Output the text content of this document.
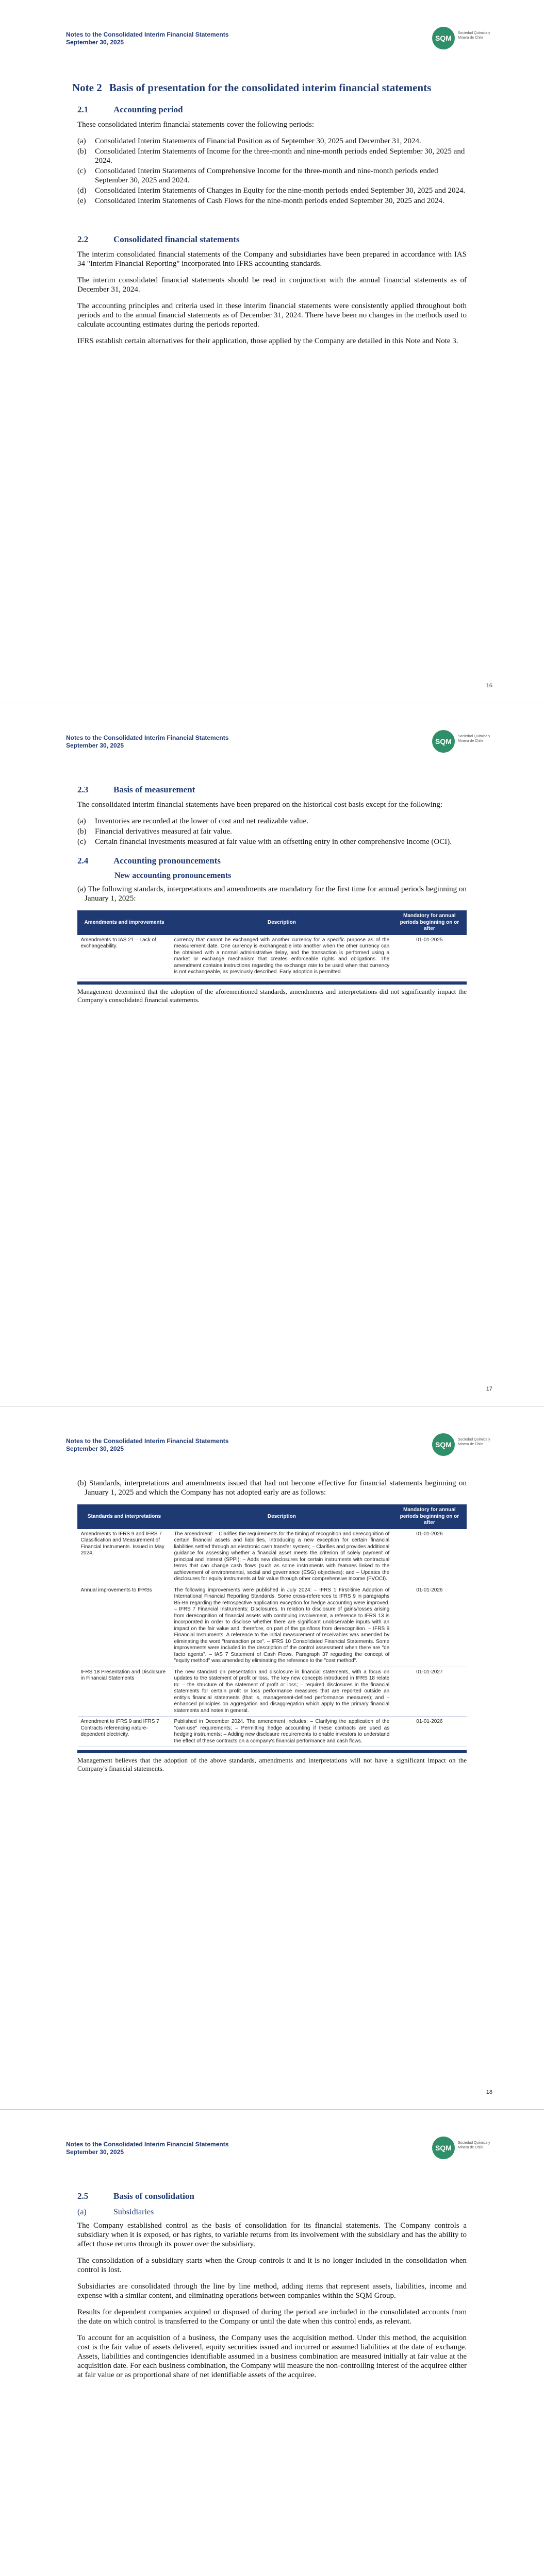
Notes to the Consolidated Interim Financial Statements
September 30, 2025	SQM
Sociedad Química y Minera de Chile
Note 2 Basis of presentation for the consolidated interim financial statements
2.1	Accounting period

These consolidated interim financial statements cover the following periods:

(a) Consolidated Interim Statements of Financial Position as of September 30, 2025 and December 31, 2024.
(b) Consolidated Interim Statements of Income for the three-month and nine-month periods ended September 30, 2025 and 2024.
(c) Consolidated Interim Statements of Comprehensive Income for the three-month and nine-month periods ended September 30, 2025 and 2024.
(d) Consolidated Interim Statements of Changes in Equity for the nine-month periods ended September 30, 2025 and 2024.
(e) Consolidated Interim Statements of Cash Flows for the nine-month periods ended September 30, 2025 and 2024.
2.2	Consolidated financial statements

The interim consolidated financial statements of the Company and subsidiaries have been prepared in accordance with IAS 34 "Interim Financial Reporting" incorporated into IFRS accounting standards.

The interim consolidated financial statements should be read in conjunction with the annual financial statements as of December 31, 2024.

The accounting principles and criteria used in these interim financial statements were consistently applied throughout both periods and to the annual financial statements as of December 31, 2024. There have been no changes in the methods used to calculate accounting estimates during the periods reported.

IFRS establish certain alternatives for their application, those applied by the Company are detailed in this Note and Note 3.

16
Notes to the Consolidated Interim Financial Statements
September 30, 2025	SQM
Sociedad Química y Minera de Chile
2.3	Basis of measurement

The consolidated interim financial statements have been prepared on the historical cost basis except for the following:

(a) Inventories are recorded at the lower of cost and net realizable value.
(b) Financial derivatives measured at fair value.
(c) Certain financial investments measured at fair value with an offsetting entry in other comprehensive income (OCI).
2.4	Accounting pronouncements
New accounting pronouncements

(a) The following standards, interpretations and amendments are mandatory for the first time for annual periods beginning on January 1, 2025:

Amendments and improvements	Description	Mandatory for annual periods beginning on or after
Amendments to IAS 21 – Lack of exchangeability.	currency that cannot be exchanged with another currency for a specific purpose as of the measurement date. One currency is exchangeable into another when the other currency can be obtained with a normal administrative delay, and the transaction is performed using a market or exchange mechanism that creates enforceable rights and obligations. The amendment contains instructions regarding the exchange rate to be used when that currency is not exchangeable, as previously described. Early adoption is permitted.	01-01-2025

Management determined that the adoption of the aforementioned standards, amendments and interpretations did not significantly impact the Company's consolidated financial statements.

17
Notes to the Consolidated Interim Financial Statements
September 30, 2025	SQM
Sociedad Química y Minera de Chile

(b) Standards, interpretations and amendments issued that had not become effective for financial statements beginning on January 1, 2025 and which the Company has not adopted early are as follows:

Standards and interpretations	Description	Mandatory for annual periods beginning on or after
Amendments to IFRS 9 and IFRS 7 Classification and Measurement of Financial Instruments. Issued in May 2024.	The amendment: – Clarifies the requirements for the timing of recognition and derecognition of certain financial assets and liabilities, introducing a new exception for certain financial liabilities settled through an electronic cash transfer system; – Clarifies and provides additional guidance for assessing whether a financial asset meets the criterion of solely payment of principal and interest (SPPI); – Adds new disclosures for certain instruments with contractual terms that can change cash flows (such as some instruments with features linked to the achievement of environmental, social and governance (ESG) objectives); and – Updates the disclosures for equity instruments at fair value through other comprehensive income (FVOCI).	01-01-2026
Annual improvements to IFRSs	The following improvements were published in July 2024: – IFRS 1 First-time Adoption of International Financial Reporting Standards. Some cross-references to IFRS 9 in paragraphs B5-B6 regarding the retrospective application exception for hedge accounting were improved. – IFRS 7 Financial Instruments: Disclosures. In relation to disclosure of gains/losses arising from derecognition of financial assets with continuing involvement, a reference to IFRS 13 is incorporated in order to disclose whether there are significant unobservable inputs with an impact on the fair value and, therefore, on part of the gain/loss from derecognition. – IFRS 9 Financial Instruments. A reference to the initial measurement of receivables was amended by eliminating the word "transaction price". – IFRS 10 Consolidated Financial Statements. Some improvements were included in the description of the control assessment when there are "de facto agents". – IAS 7 Statement of Cash Flows. Paragraph 37 regarding the concept of "equity method" was amended by eliminating the reference to the "cost method".	01-01-2026
IFRS 18 Presentation and Disclosure in Financial Statements	The new standard on presentation and disclosure in financial statements, with a focus on updates to the statement of profit or loss. The key new concepts introduced in IFRS 18 relate to: – the structure of the statement of profit or loss; – required disclosures in the financial statements for certain profit or loss performance measures that are reported outside an entity's financial statements (that is, management-defined performance measures); and – enhanced principles on aggregation and disaggregation which apply to the primary financial statements and notes in general.	01-01-2027
Amendment to IFRS 9 and IFRS 7 Contracts referencing nature-dependent electricity.	Published in December 2024. The amendment includes: – Clarifying the application of the "own-use" requirements; – Permitting hedge accounting if these contracts are used as hedging instruments; – Adding new disclosure requirements to enable investors to understand the effect of these contracts on a company's financial performance and cash flows.	01-01-2026

Management believes that the adoption of the above standards, amendments and interpretations will not have a significant impact on the Company's financial statements.

18
Notes to the Consolidated Interim Financial Statements
September 30, 2025	SQM
Sociedad Química y Minera de Chile
2.5	Basis of consolidation
(a)	Subsidiaries

The Company established control as the basis of consolidation for its financial statements. The Company controls a subsidiary when it is exposed, or has rights, to variable returns from its involvement with the subsidiary and has the ability to affect those returns through its power over the subsidiary.

The consolidation of a subsidiary starts when the Group controls it and it is no longer included in the consolidation when control is lost.

Subsidiaries are consolidated through the line by line method, adding items that represent assets, liabilities, income and expense with a similar content, and eliminating operations between companies within the SQM Group.

Results for dependent companies acquired or disposed of during the period are included in the consolidated accounts from the date on which control is transferred to the Company or until the date when this control ends, as relevant.

To account for an acquisition of a business, the Company uses the acquisition method. Under this method, the acquisition cost is the fair value of assets delivered, equity securities issued and incurred or assumed liabilities at the date of exchange. Assets, liabilities and contingencies identifiable assumed in a business combination are measured initially at fair value at the acquisition date. For each business combination, the Company will measure the non-controlling interest of the acquiree either at fair value or as proportional share of net identifiable assets of the acquiree.
